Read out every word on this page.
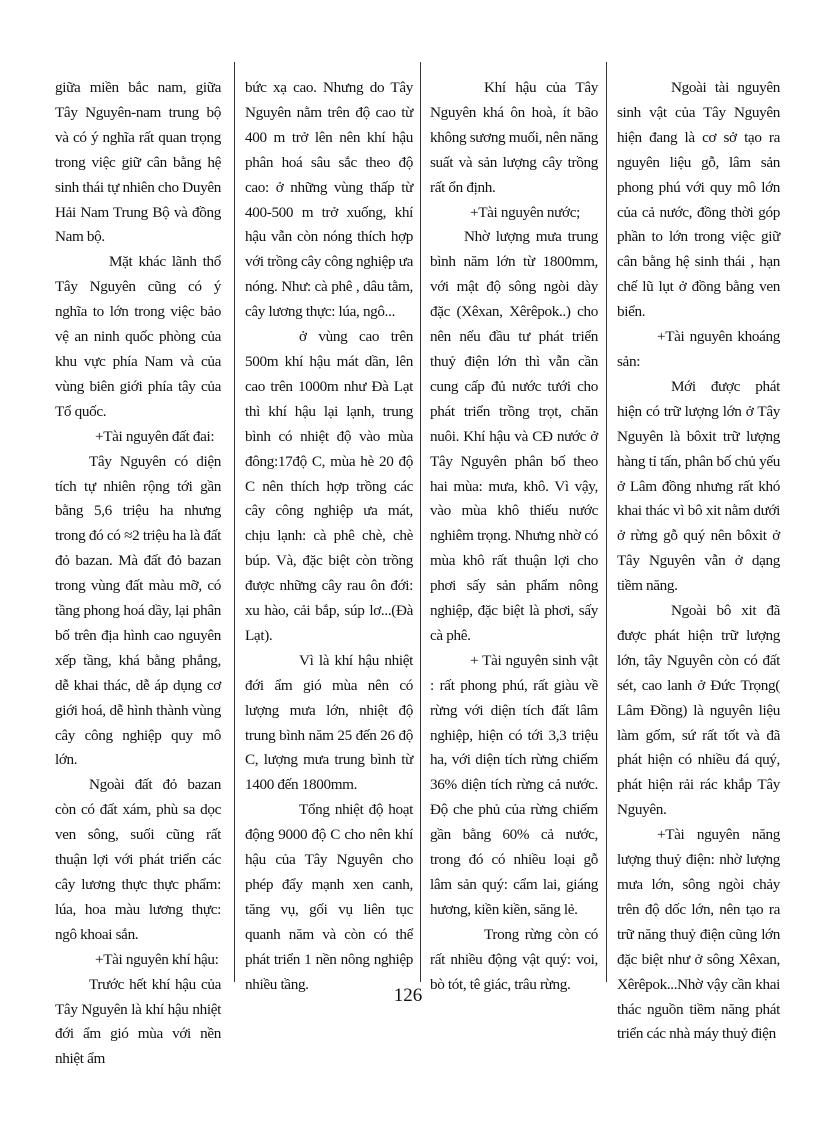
giữa miền bắc nam, giữa Tây Nguyên-nam trung bộ và có ý nghĩa rất quan trọng trong việc giữ cân bằng hệ sinh thái tự nhiên cho Duyên Hải Nam Trung Bộ và đồng Nam bộ.

Mặt khác lãnh thổ Tây Nguyên cũng có ý nghĩa to lớn trong việc bảo vệ an ninh quốc phòng của khu vực phía Nam và của vùng biên giới phía tây của Tổ quốc.

+Tài nguyên đất đai:

Tây Nguyên có diện tích tự nhiên rộng tới gần bằng 5,6 triệu ha nhưng trong đó có ≈2 triệu ha là đất đỏ bazan. Mà đất đỏ bazan trong vùng đất màu mỡ, có tầng phong hoá dầy, lại phân bố trên địa hình cao nguyên xếp tầng, khá bằng phẳng, dễ khai thác, dễ áp dụng cơ giới hoá, dễ hình thành vùng cây công nghiệp quy mô lớn.

Ngoài đất đỏ bazan còn có đất xám, phù sa dọc ven sông, suối cũng rất thuận lợi với phát triển các cây lương thực thực phẩm: lúa, hoa màu lương thực: ngô khoai sắn.

+Tài nguyên khí hậu:

Trước hết khí hậu của Tây Nguyên là khí hậu nhiệt đới ẩm gió mùa với nền nhiệt ẩm

bức xạ cao. Nhưng do Tây Nguyên nằm trên độ cao từ 400 m trở lên nên khí hậu phân hoá sâu sắc theo độ cao: ở những vùng thấp từ 400-500 m trở xuống, khí hậu vẫn còn nóng thích hợp với trồng cây công nghiệp ưa nóng. Như: cà phê , dâu tằm, cây lương thực: lúa, ngô...

ở vùng cao trên 500m khí hậu mát dần, lên cao trên 1000m như Đà Lạt thì khí hậu lại lạnh, trung bình có nhiệt độ vào mùa đông:17độ C, mùa hè 20 độ C nên thích hợp trồng các cây công nghiệp ưa mát, chịu lạnh: cà phê chè, chè búp. Và, đặc biệt còn trồng được những cây rau ôn đới: xu hào, cải bắp, súp lơ...(Đà Lạt).

Vì là khí hậu nhiệt đới ẩm gió mùa nên có lượng mưa lớn, nhiệt độ trung bình năm 25 đến 26 độ C, lượng mưa trung bình từ 1400 đến 1800mm.

Tổng nhiệt độ hoạt động 9000 độ C cho nên khí hậu của Tây Nguyên cho phép đẩy mạnh xen canh, tăng vụ, gối vụ liên tục quanh năm và còn có thể phát triển 1 nền nông nghiệp nhiều tầng.

Khí hậu của Tây Nguyên khá ôn hoà, ít bão không sương muối, nên năng suất và sản lượng cây trồng rất ổn định.

+Tài nguyên nước;

Nhờ lượng mưa trung bình năm lớn từ 1800mm, với mật độ sông ngòi dày đặc (Xêxan, Xêrêpok..) cho nên nếu đầu tư phát triển thuỷ điện lớn thì vẫn cần cung cấp đủ nước tưới cho phát triển trồng trọt, chăn nuôi. Khí hậu và CĐ nước ở Tây Nguyên phân bố theo hai mùa: mưa, khô. Vì vậy, vào mùa khô thiếu nước nghiêm trọng. Nhưng nhờ có mùa khô rất thuận lợi cho phơi sấy sản phẩm nông nghiệp, đặc biệt là phơi, sấy cà phê.

+ Tài nguyên sinh vật : rất phong phú, rất giàu về rừng với diện tích đất lâm nghiệp, hiện có tới 3,3 triệu ha, với diện tích rừng chiếm 36% diện tích rừng cả nước. Độ che phủ của rừng chiếm gần bằng 60% cả nước, trong đó có nhiều loại gỗ lâm sản quý: cẩm lai, giáng hương, kiền kiền, săng lẻ.

Trong rừng còn có rất nhiều động vật quý: voi, bò tót, tê giác, trâu rừng.

Ngoài tài nguyên sinh vật của Tây Nguyên hiện đang là cơ sở tạo ra nguyên liệu gỗ, lâm sản phong phú với quy mô lớn của cả nước, đồng thời góp phần to lớn trong việc giữ cân bằng hệ sinh thái , hạn chế lũ lụt ở đồng bằng ven biển.

+Tài nguyên khoáng sản:

Mới được phát hiện có trữ lượng lớn ở Tây Nguyên là bôxit trữ lượng hàng tỉ tấn, phân bố chủ yếu ở Lâm đồng nhưng rất khó khai thác vì bô xit nằm dưới ở rừng gỗ quý nên bôxit ở Tây Nguyên vẫn ở dạng tiềm năng.

Ngoài bô xit đã được phát hiện trữ lượng lớn, tây Nguyên còn có đất sét, cao lanh ở Đức Trọng( Lâm Đồng) là nguyên liệu làm gốm, sứ rất tốt và đã phát hiện có nhiều đá quý, phát hiện rải rác khắp Tây Nguyên.

+Tài nguyên năng lượng thuỷ điện: nhờ lượng mưa lớn, sông ngòi chảy trên độ dốc lớn, nên tạo ra trữ năng thuỷ điện cũng lớn đặc biệt như ở sông Xêxan, Xêrêpok...Nhờ vậy cần khai thác nguồn tiềm năng phát triển các nhà máy thuỷ điện

126
